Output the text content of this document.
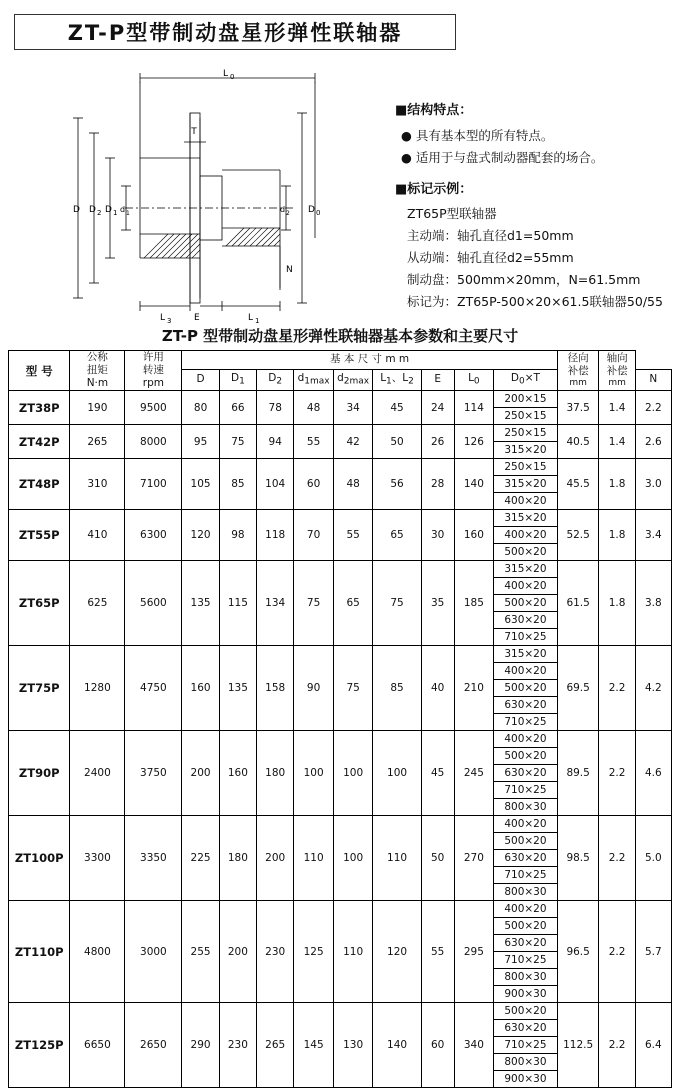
ZT-P型带制动盘星形弹性联轴器
L 0
T
D D 2 D 1 d 1	D 0
d 2
L 3	E	L 1
N
■结构特点：
● 具有基本型的所有特点。
● 适用于与盘式制动器配套的场合。
■标记示例：
ZT65P型联轴器
主动端：轴孔直径d1=50mm
从动端：轴孔直径d2=55mm
制动盘：500mm×20mm，N=61.5mm
标记为：ZT65P-500×20×61.5联轴器50/55
ZT-P 型带制动盘星形弹性联轴器基本参数和主要尺寸
型 号	
公称
扭矩
N·m

许用
转速
rpm
	基 本 尺 寸 m m	径向
补偿
mm

轴向
补偿
mm

			D	D1	D2	d1max	d2max	L1、L2	E	L0	D0×T			N
ZT38P	190	9500	80	66	78	48	34	45	24	114	200×15
250×15	37.5	1.4	2.2
ZT42P	265	8000	95	75	94	55	42	50	26	126	250×15
315×20	40.5	1.4	2.6
ZT48P	310	7100	105	85	104	60	48	56	28	140	250×15
315×20
400×20	45.5	1.8	3.0
ZT55P	410	6300	120	98	118	70	55	65	30	160	315×20
400×20
500×20	52.5	1.8	3.4
ZT65P	625	5600	135	115	134	75	65	75	35	185	315×20
400×20
500×20
630×20
710×25	61.5	1.8	3.8
ZT75P	1280	4750	160	135	158	90	75	85	40	210	315×20
400×20
500×20
630×20
710×25	69.5	2.2	4.2
ZT90P	2400	3750	200	160	180	100	100	100	45	245	400×20
500×20
630×20
710×25
800×30	89.5	2.2	4.6
ZT100P	3300	3350	225	180	200	110	100	110	50	270	400×20
500×20
630×20
710×25
800×30	98.5	2.2	5.0
ZT110P	4800	3000	255	200	230	125	110	120	55	295	
400×20
500×20
630×20
710×25
800×30
900×30
	96.5	2.2	5.7
ZT125P	6650	2650	290	230	265	145	130	140	60	340	500×20
630×20
710×25
800×30
900×30	112.5	2.2	6.4
